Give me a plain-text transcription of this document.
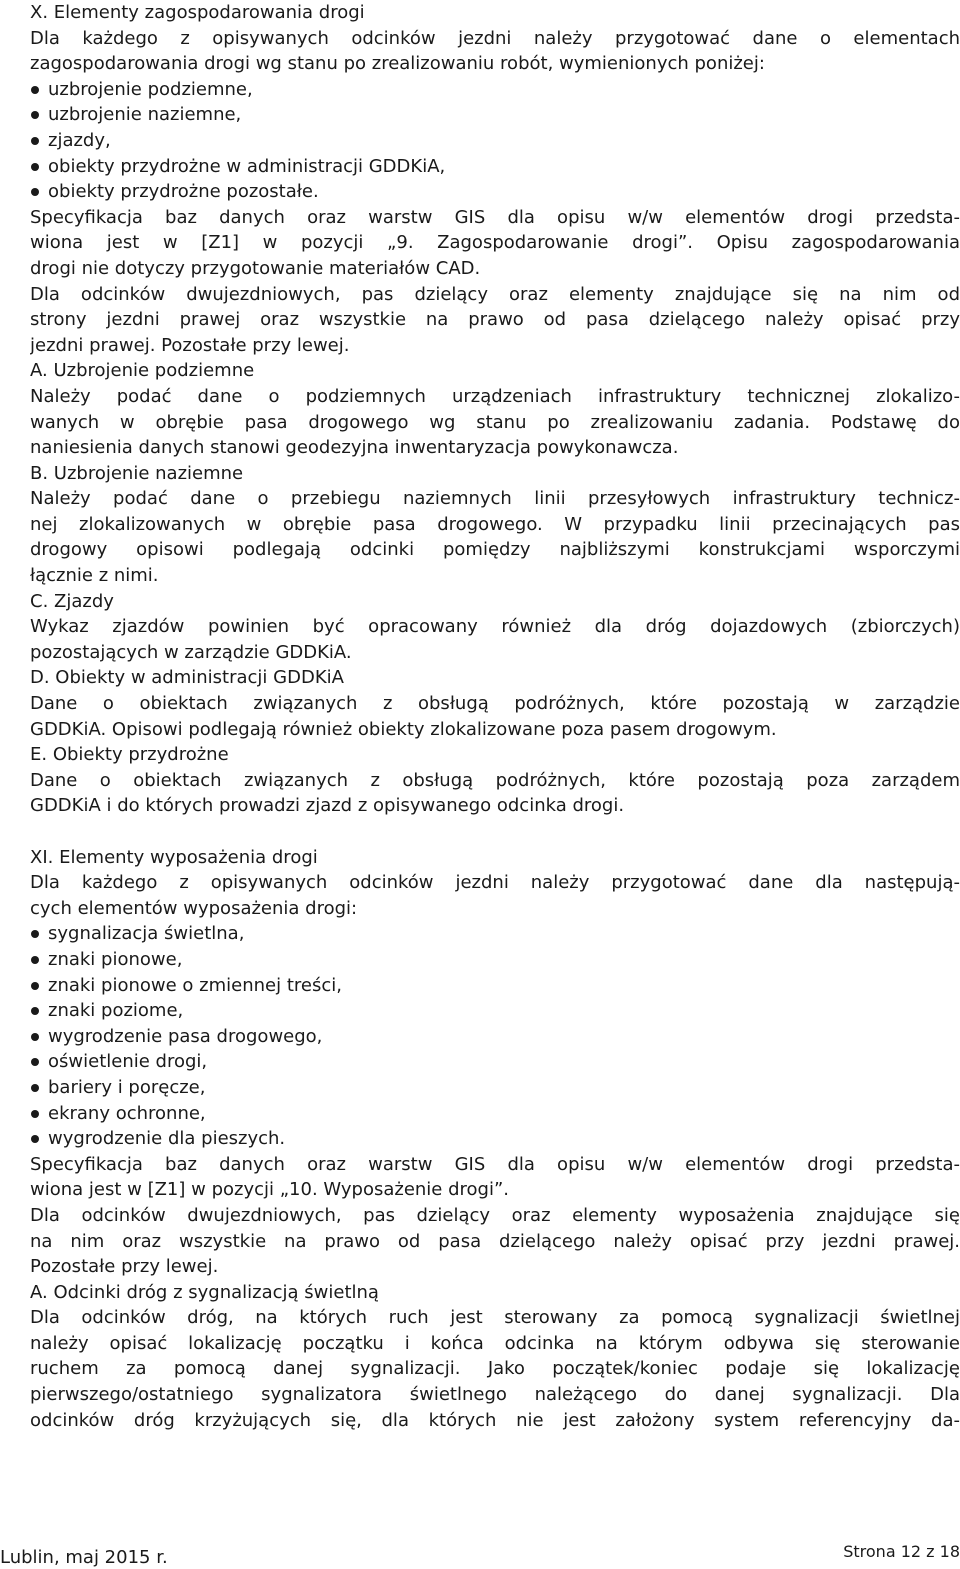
X. Elementy zagospodarowania drogi
Dla każdego z opisywanych odcinków jezdni należy przygotować dane o elementach
zagospodarowania drogi wg stanu po zrealizowaniu robót, wymienionych poniżej:
uzbrojenie podziemne,
uzbrojenie naziemne,
zjazdy,
obiekty przydrożne w administracji GDDKiA,
obiekty przydrożne pozostałe.
Specyfikacja baz danych oraz warstw GIS dla opisu w/w elementów drogi przedsta-
wiona jest w [Z1] w pozycji „9. Zagospodarowanie drogi”. Opisu zagospodarowania
drogi nie dotyczy przygotowanie materiałów CAD.
Dla odcinków dwujezdniowych, pas dzielący oraz elementy znajdujące się na nim od
strony jezdni prawej oraz wszystkie na prawo od pasa dzielącego należy opisać przy
jezdni prawej. Pozostałe przy lewej.
A. Uzbrojenie podziemne
Należy podać dane o podziemnych urządzeniach infrastruktury technicznej zlokalizo-
wanych w obrębie pasa drogowego wg stanu po zrealizowaniu zadania. Podstawę do
naniesienia danych stanowi geodezyjna inwentaryzacja powykonawcza.
B. Uzbrojenie naziemne
Należy podać dane o przebiegu naziemnych linii przesyłowych infrastruktury technicz-
nej zlokalizowanych w obrębie pasa drogowego. W przypadku linii przecinających pas
drogowy opisowi podlegają odcinki pomiędzy najbliższymi konstrukcjami wsporczymi
łącznie z nimi.
C. Zjazdy
Wykaz zjazdów powinien być opracowany również dla dróg dojazdowych (zbiorczych)
pozostających w zarządzie GDDKiA.
D. Obiekty w administracji GDDKiA
Dane o obiektach związanych z obsługą podróżnych, które pozostają w zarządzie
GDDKiA. Opisowi podlegają również obiekty zlokalizowane poza pasem drogowym.
E. Obiekty przydrożne
Dane o obiektach związanych z obsługą podróżnych, które pozostają poza zarządem
GDDKiA i do których prowadzi zjazd z opisywanego odcinka drogi.
XI. Elementy wyposażenia drogi
Dla każdego z opisywanych odcinków jezdni należy przygotować dane dla następują-
cych elementów wyposażenia drogi:
sygnalizacja świetlna,
znaki pionowe,
znaki pionowe o zmiennej treści,
znaki poziome,
wygrodzenie pasa drogowego,
oświetlenie drogi,
bariery i poręcze,
ekrany ochronne,
wygrodzenie dla pieszych.
Specyfikacja baz danych oraz warstw GIS dla opisu w/w elementów drogi przedsta-
wiona jest w [Z1] w pozycji „10. Wyposażenie drogi”.
Dla odcinków dwujezdniowych, pas dzielący oraz elementy wyposażenia znajdujące się
na nim oraz wszystkie na prawo od pasa dzielącego należy opisać przy jezdni prawej.
Pozostałe przy lewej.
A. Odcinki dróg z sygnalizacją świetlną
Dla odcinków dróg, na których ruch jest sterowany za pomocą sygnalizacji świetlnej
należy opisać lokalizację początku i końca odcinka na którym odbywa się sterowanie
ruchem za pomocą danej sygnalizacji. Jako początek/koniec podaje się lokalizację
pierwszego/ostatniego sygnalizatora świetlnego należącego do danej sygnalizacji. Dla
odcinków dróg krzyżujących się, dla których nie jest założony system referencyjny da-
Strona 12 z 18
Lublin, maj 2015 r.
